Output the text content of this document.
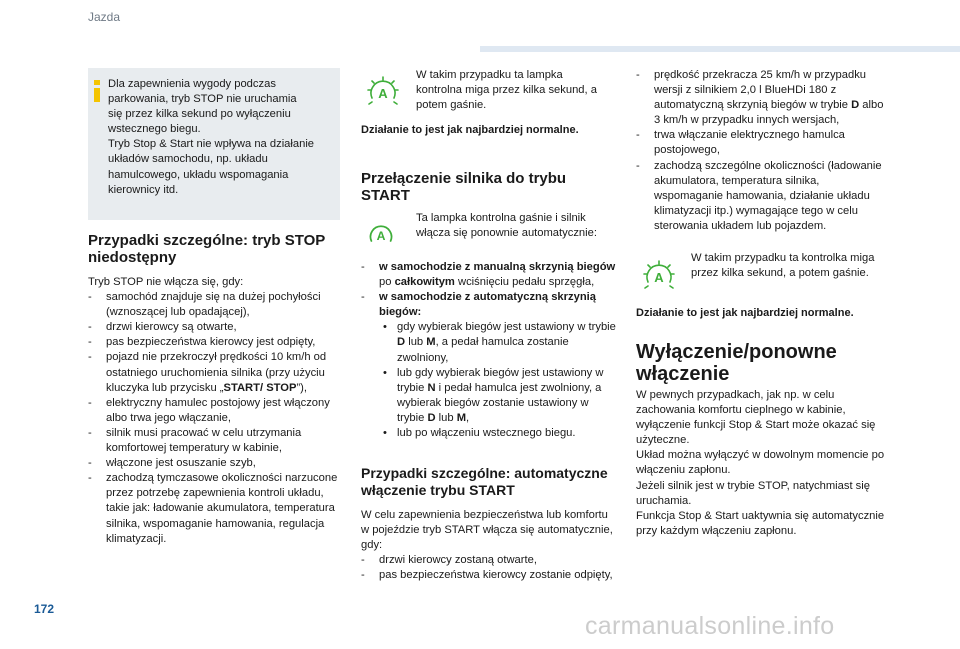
Jazda
Dla zapewnienia wygody podczas
parkowania, tryb STOP nie uruchamia
się przez kilka sekund po wyłączeniu
wstecznego biegu.
Tryb Stop & Start nie wpływa na działanie
układów samochodu, np. układu
hamulcowego, układu wspomagania
kierownicy itd.
Przypadki szczególne: tryb STOP
niedostępny

Tryb STOP nie włącza się, gdy:

- samochód znajduje się na dużej pochyłości (wznoszącej lub opadającej),
- drzwi kierowcy są otwarte,
- pas bezpieczeństwa kierowcy jest odpięty,
- pojazd nie przekroczył prędkości 10 km/h od ostatniego uruchomienia silnika (przy użyciu kluczyka lub przycisku „START/ STOP”),
- elektryczny hamulec postojowy jest włączony albo trwa jego włączanie,
- silnik musi pracować w celu utrzymania komfortowej temperatury w kabinie,
- włączone jest osuszanie szyb,
- zachodzą tymczasowe okoliczności narzucone przez potrzebę zapewnienia kontroli układu, takie jak: ładowanie akumulatora, temperatura silnika, wspomaganie hamowania, regulacja klimatyzacji.
A
W takim przypadku ta lampka kontrolna miga przez kilka sekund, a potem gaśnie.
Działanie to jest jak najbardziej normalne.
Przełączenie silnika do trybu
START
A
Ta lampka kontrolna gaśnie i silnik włącza się ponownie automatycznie:
- w samochodzie z manualną skrzynią biegów po całkowitym wciśnięciu pedału sprzęgła,
- w samochodzie z automatyczną skrzynią biegów:
• gdy wybierak biegów jest ustawiony w trybie D lub M, a pedał hamulca zostanie zwolniony,
• lub gdy wybierak biegów jest ustawiony w trybie N i pedał hamulca jest zwolniony, a wybierak biegów zostanie ustawiony w trybie D lub M,
• lub po włączeniu wstecznego biegu.
Przypadki szczególne: automatyczne
włączenie trybu START

W celu zapewnienia bezpieczeństwa lub komfortu w pojeździe tryb START włącza się automatycznie, gdy:

- drzwi kierowcy zostaną otwarte,
- pas bezpieczeństwa kierowcy zostanie odpięty,
- prędkość przekracza 25 km/h w przypadku wersji z silnikiem 2,0 l BlueHDi 180 z automatyczną skrzynią biegów w trybie D albo 3 km/h w przypadku innych wersjach,
- trwa włączanie elektrycznego hamulca postojowego,
- zachodzą szczególne okoliczności (ładowanie akumulatora, temperatura silnika, wspomaganie hamowania, działanie układu klimatyzacji itp.) wymagające tego w celu sterowania układem lub pojazdem.
A
W takim przypadku ta kontrolka miga przez kilka sekund, a potem gaśnie.
Działanie to jest jak najbardziej normalne.
Wyłączenie/ponowne
włączenie

W pewnych przypadkach, jak np. w celu zachowania komfortu cieplnego w kabinie, wyłączenie funkcji Stop & Start może okazać się użyteczne.

Układ można wyłączyć w dowolnym momencie po włączeniu zapłonu.

Jeżeli silnik jest w trybie STOP, natychmiast się uruchamia.

Funkcja Stop & Start uaktywnia się automatycznie przy każdym włączeniu zapłonu.

172
carmanualsonline.info
